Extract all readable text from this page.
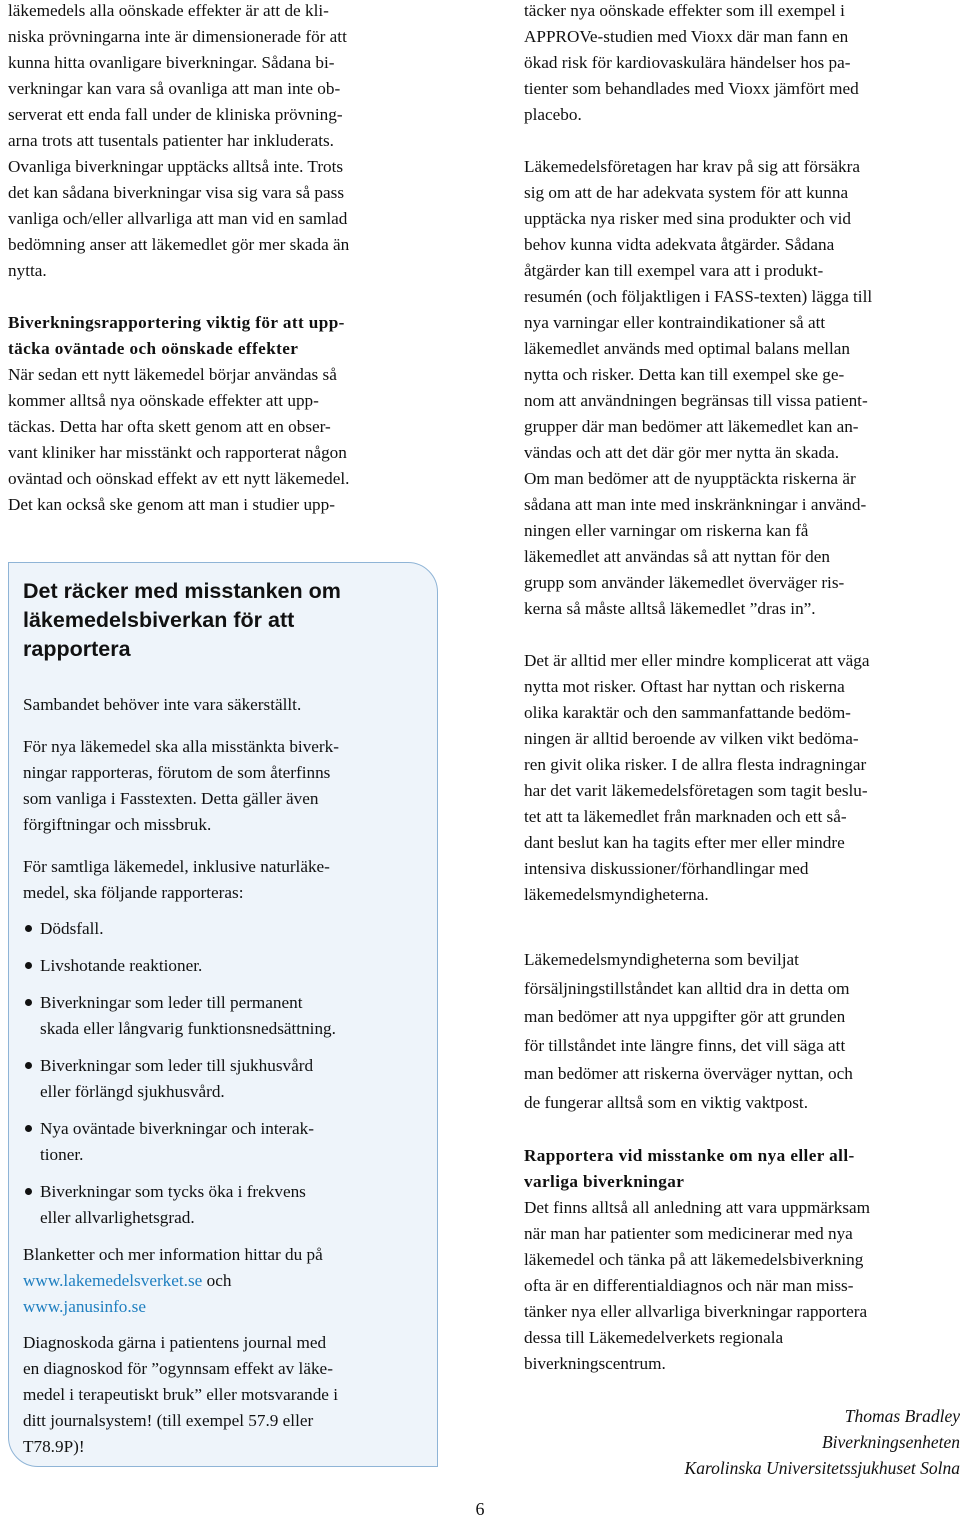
läkemedels alla oönskade effekter är att de kli-
niska prövningarna inte är dimensionerade för att
kunna hitta ovanligare biverkningar. Sådana bi-
verkningar kan vara så ovanliga att man inte ob-
serverat ett enda fall under de kliniska prövning-
arna trots att tusentals patienter har inkluderats.
Ovanliga biverkningar upptäcks alltså inte. Trots
det kan sådana biverkningar visa sig vara så pass
vanliga och/eller allvarliga att man vid en samlad
bedömning anser att läkemedlet gör mer skada än
nytta.

Biverkningsrapportering viktig för att upp-
täcka oväntade och oönskade effekter

När sedan ett nytt läkemedel börjar användas så
kommer alltså nya oönskade effekter att upp-
täckas. Detta har ofta skett genom att en obser-
vant kliniker har misstänkt och rapporterat någon
oväntad och oönskad effekt av ett nytt läkemedel.
Det kan också ske genom att man i studier upp-

Det räcker med misstanken om
läkemedelsbiverkan för att
rapportera

Sambandet behöver inte vara säkerställt.

För nya läkemedel ska alla misstänkta biverk-
ningar rapporteras, förutom de som återfinns
som vanliga i Fasstexten. Detta gäller även
förgiftningar och missbruk.

För samtliga läkemedel, inklusive naturläke-
medel, ska följande rapporteras:

Dödsfall.

Livshotande reaktioner.

Biverkningar som leder till permanent
skada eller långvarig funktionsnedsättning.

Biverkningar som leder till sjukhusvård
eller förlängd sjukhusvård.

Nya oväntade biverkningar och interak-
tioner.

Biverkningar som tycks öka i frekvens
eller allvarlighetsgrad.

Blanketter och mer information hittar du på
www.lakemedelsverket.se och
www.janusinfo.se

Diagnoskoda gärna i patientens journal med
en diagnoskod för ”ogynnsam effekt av läke-
medel i terapeutiskt bruk” eller motsvarande i
ditt journalsystem! (till exempel 57.9 eller
T78.9P)!

täcker nya oönskade effekter som ill exempel i
APPROVe-studien med Vioxx där man fann en
ökad risk för kardiovaskulära händelser hos pa-
tienter som behandlades med Vioxx jämfört med
placebo.

Läkemedelsföretagen har krav på sig att försäkra
sig om att de har adekvata system för att kunna
upptäcka nya risker med sina produkter och vid
behov kunna vidta adekvata åtgärder. Sådana
åtgärder kan till exempel vara att i produkt-
resumén (och följaktligen i FASS-texten) lägga till
nya varningar eller kontraindikationer så att
läkemedlet används med optimal balans mellan
nytta och risker. Detta kan till exempel ske ge-
nom att användningen begränsas till vissa patient-
grupper där man bedömer att läkemedlet kan an-
vändas och att det där gör mer nytta än skada.
Om man bedömer att de nyupptäckta riskerna är
sådana att man inte med inskränkningar i använd-
ningen eller varningar om riskerna kan få
läkemedlet att användas så att nyttan för den
grupp som använder läkemedlet överväger ris-
kerna så måste alltså läkemedlet ”dras in”.

Det är alltid mer eller mindre komplicerat att väga
nytta mot risker. Oftast har nyttan och riskerna
olika karaktär och den sammanfattande bedöm-
ningen är alltid beroende av vilken vikt bedöma-
ren givit olika risker. I de allra flesta indragningar
har det varit läkemedelsföretagen som tagit beslu-
tet att ta läkemedlet från marknaden och ett så-
dant beslut kan ha tagits efter mer eller mindre
intensiva diskussioner/förhandlingar med
läkemedelsmyndigheterna.

Läkemedelsmyndigheterna som beviljat
försäljningstillståndet kan alltid dra in detta om
man bedömer att nya uppgifter gör att grunden
för tillståndet inte längre finns, det vill säga att
man bedömer att riskerna överväger nyttan, och
de fungerar alltså som en viktig vaktpost.

Rapportera vid misstanke om nya eller all-
varliga biverkningar

Det finns alltså all anledning att vara uppmärksam
när man har patienter som medicinerar med nya
läkemedel och tänka på att läkemedelsbiverkning
ofta är en differentialdiagnos och när man miss-
tänker nya eller allvarliga biverkningar rapportera
dessa till Läkemedelverkets regionala
biverkningscentrum.

Thomas Bradley
Biverkningsenheten
Karolinska Universitetssjukhuset Solna
6
